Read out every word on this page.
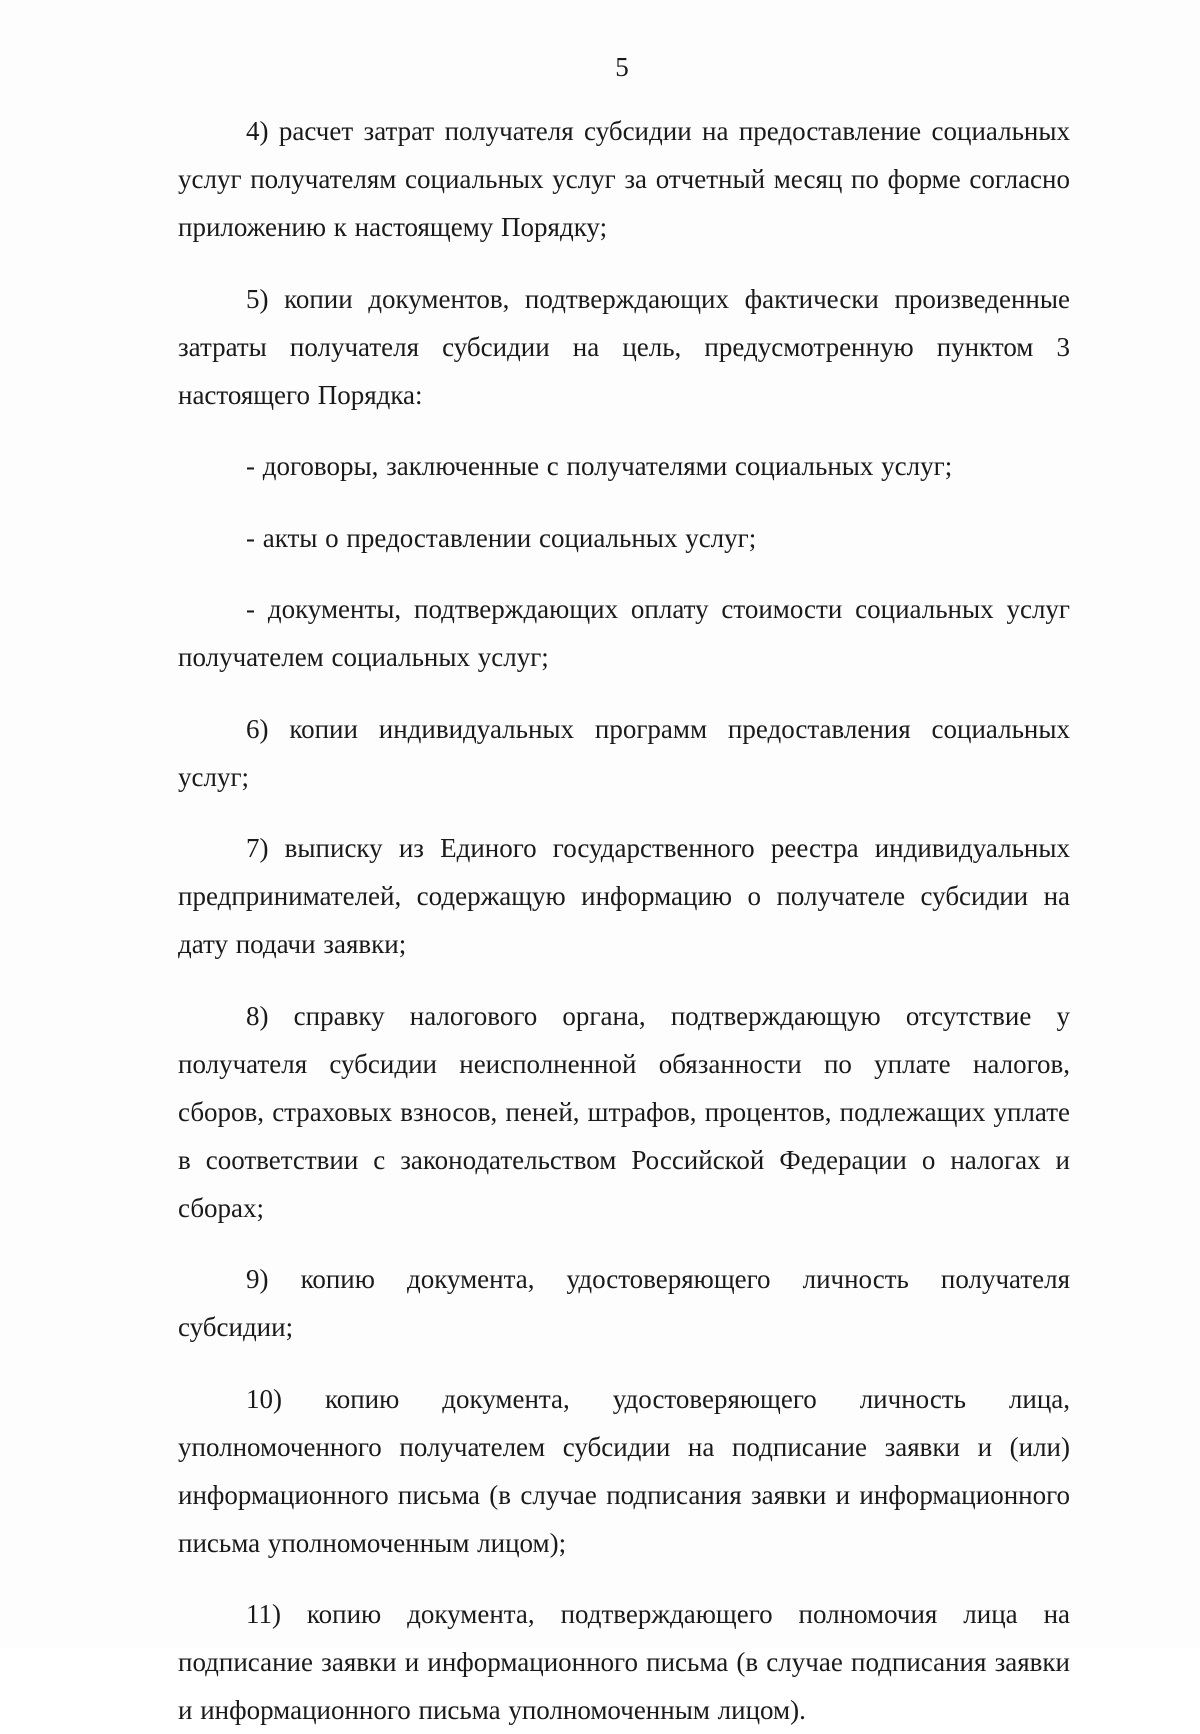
5

4) расчет затрат получателя субсидии на предоставление социальных услуг получателям социальных услуг за отчетный месяц по форме согласно приложению к настоящему Порядку;

5) копии документов, подтверждающих фактически произведенные затраты получателя субсидии на цель, предусмотренную пунктом 3 настоящего Порядка:

- договоры, заключенные с получателями социальных услуг;

- акты о предоставлении социальных услуг;

- документы, подтверждающих оплату стоимости социальных услуг получателем социальных услуг;

6) копии индивидуальных программ предоставления социальных услуг;

7) выписку из Единого государственного реестра индивидуальных предпринимателей, содержащую информацию о получателе субсидии на дату подачи заявки;

8) справку налогового органа, подтверждающую отсутствие у получателя субсидии неисполненной обязанности по уплате налогов, сборов, страховых взносов, пеней, штрафов, процентов, подлежащих уплате в соответствии с законодательством Российской Федерации о налогах и сборах;

9) копию документа, удостоверяющего личность получателя субсидии;

10) копию документа, удостоверяющего личность лица, уполномоченного получателем субсидии на подписание заявки и (или) информационного письма (в случае подписания заявки и информационного письма уполномоченным лицом);

11) копию документа, подтверждающего полномочия лица на подписание заявки и информационного письма (в случае подписания заявки и информационного письма уполномоченным лицом).
